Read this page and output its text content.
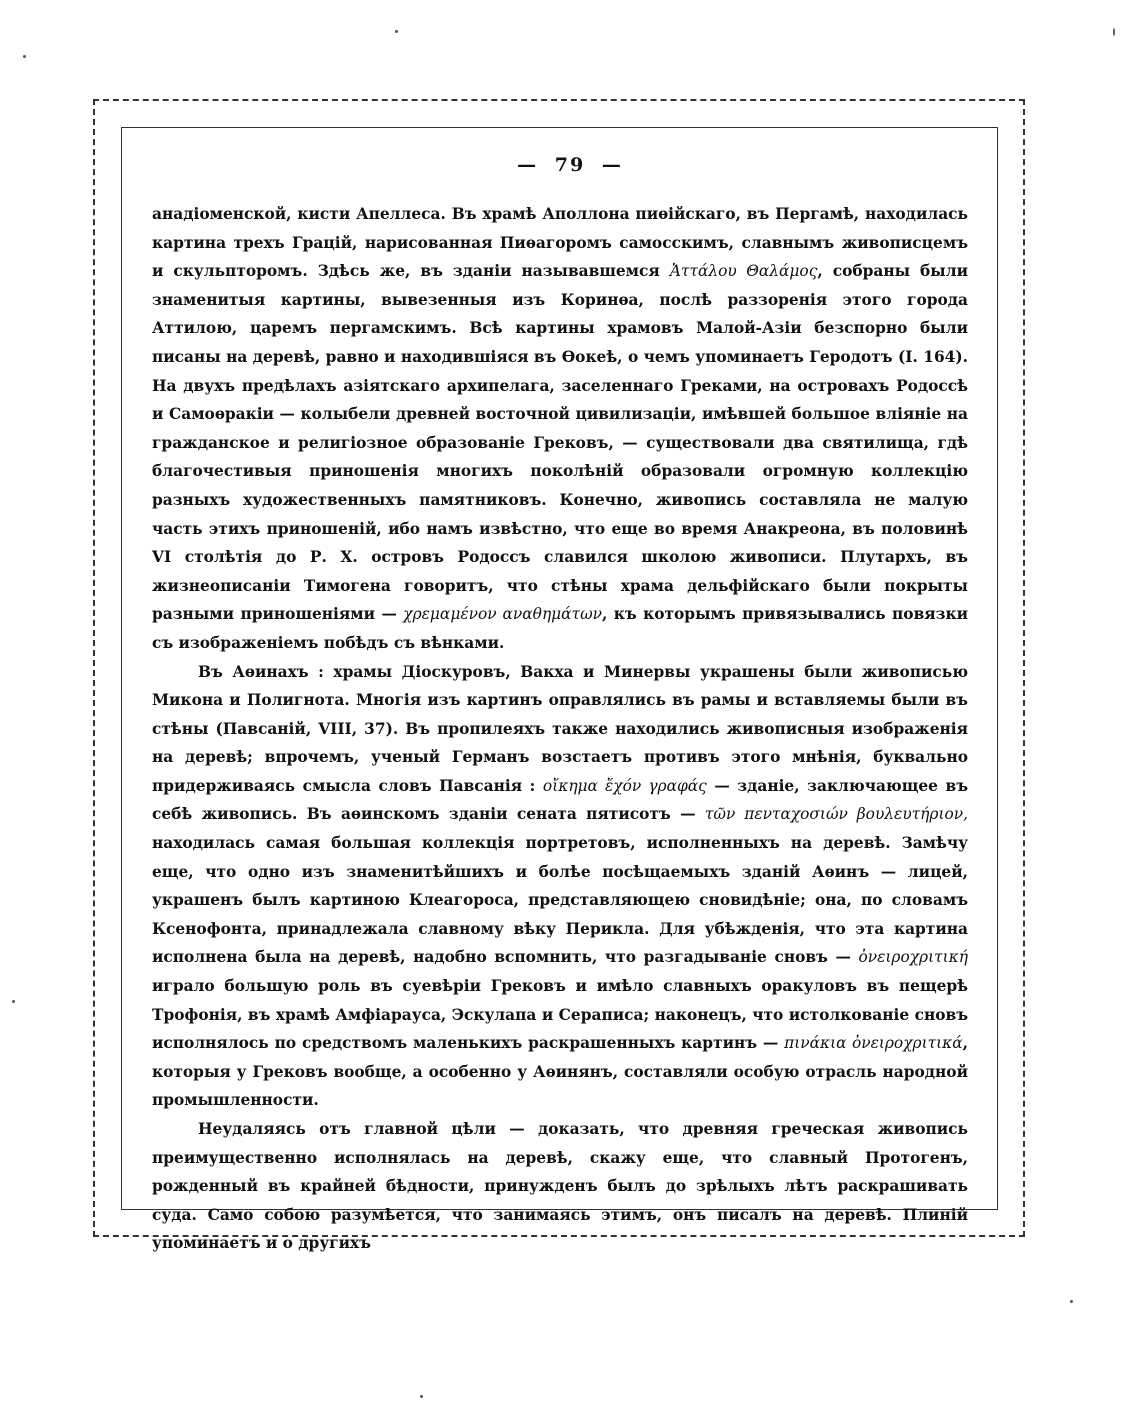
— 79 —

анадіоменской, кисти Апеллеса. Въ храмѣ Аполлона пиѳійскаго, въ Пергамѣ, находилась картина трехъ Грацій, нарисованная Пиѳагоромъ самосскимъ, славнымъ живописцемъ и скульпторомъ. Здѣсь же, въ зданіи называвшемся Ἀττάλου Θαλάμος, собраны были знаменитыя картины, вывезенныя изъ Коринѳа, послѣ раззоренія этого города Аттилою, царемъ пергамскимъ. Всѣ картины храмовъ Малой-Азіи безспорно были писаны на деревѣ, равно и находившіяся въ Ѳокеѣ, о чемъ упоминаетъ Геродотъ (I. 164). На двухъ предѣлахъ азіятскаго архипелага, заселеннаго Греками, на островахъ Родоссѣ и Самоѳракіи — колыбели древней восточной цивилизаціи, имѣвшей большое вліяніе на гражданское и религіозное образованіе Грековъ, — существовали два святилища, гдѣ благочестивыя приношенія многихъ поколѣній образовали огромную коллекцію разныхъ художественныхъ памятниковъ. Конечно, живопись составляла не малую часть этихъ приношеній, ибо намъ извѣстно, что еще во время Анакреона, въ половинѣ VI столѣтія до Р. Х. островъ Родоссъ славился школою живописи. Плутархъ, въ жизнеописаніи Тимогена говоритъ, что стѣны храма дельфійскаго были покрыты разными приношеніями — χρεμαμένον αναθημάτων, къ которымъ привязывались повязки съ изображеніемъ побѣдъ съ вѣнками.

Въ Аѳинахъ : храмы Діоскуровъ, Вакха и Минервы украшены были живописью Микона и Полигнота. Многія изъ картинъ оправлялись въ рамы и вставляемы были въ стѣны (Павсаній, VIII, 37). Въ пропилеяхъ также находились живописныя изображенія на деревѣ; впрочемъ, ученый Германъ возстаетъ противъ этого мнѣнія, буквально придерживаясь смысла словъ Павсанія : οἴκημα ἔχόν γραφάς — зданіе, заключающее въ себѣ живопись. Въ аѳинскомъ зданіи сената пятисотъ — τῶν πενταχοσιών βουλευτήριον, находилась самая большая коллекція портретовъ, исполненныхъ на деревѣ. Замѣчу еще, что одно изъ знаменитѣйшихъ и болѣе посѣщаемыхъ зданій Аѳинъ — лицей, украшенъ былъ картиною Клеагороса, представляющею сновидѣніе; она, по словамъ Ксенофонта, принадлежала славному вѣку Перикла. Для убѣжденія, что эта картина исполнена была на деревѣ, надобно вспомнить, что разгадываніе сновъ — ὀνειροχριτική играло большую роль въ суевѣріи Грековъ и имѣло славныхъ оракуловъ въ пещерѣ Трофонія, въ храмѣ Амфіарауса, Эскулапа и Сераписа; наконецъ, что истолкованіе сновъ исполнялось по средствомъ маленькихъ раскрашенныхъ картинъ — πινάκια ὀνειροχριτικά, которыя у Грековъ вообще, а особенно у Аѳинянъ, составляли особую отрасль народной промышленности.

Неудаляясь отъ главной цѣли — доказать, что древняя греческая живопись преимущественно исполнялась на деревѣ, скажу еще, что славный Протогенъ, рожденный въ крайней бѣдности, принужденъ былъ до зрѣлыхъ лѣтъ раскрашивать суда. Само собою разумѣется, что занимаясь этимъ, онъ писалъ на деревѣ. Плиній упоминаетъ и о другихъ
